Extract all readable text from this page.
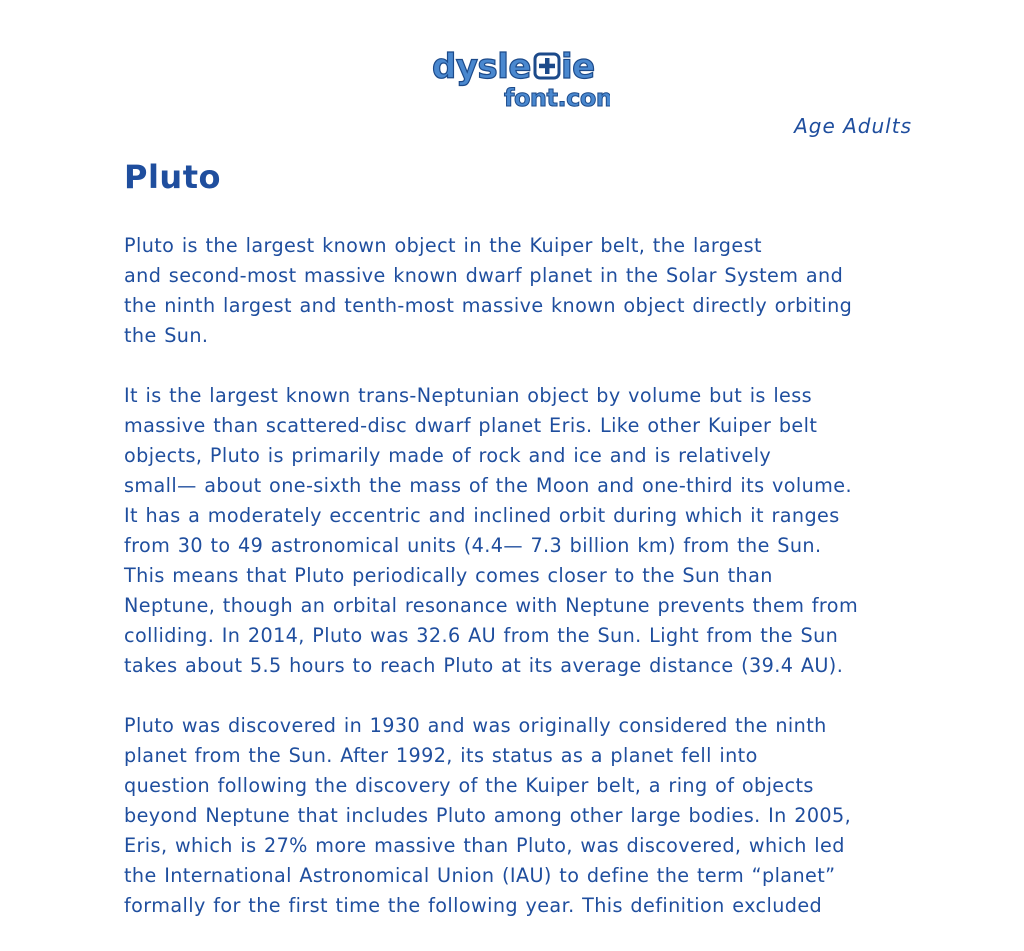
dysle ie
font.com
Age Adults
Pluto

Pluto is the largest known object in the Kuiper belt, the largest
and second-most massive known dwarf planet in the Solar System and
the ninth largest and tenth-most massive known object directly orbiting
the Sun.

It is the largest known trans-Neptunian object by volume but is less
massive than scattered-disc dwarf planet Eris. Like other Kuiper belt
objects, Pluto is primarily made of rock and ice and is relatively
small— about one-sixth the mass of the Moon and one-third its volume.
It has a moderately eccentric and inclined orbit during which it ranges
from 30 to 49 astronomical units (4.4— 7.3 billion km) from the Sun.
This means that Pluto periodically comes closer to the Sun than
Neptune, though an orbital resonance with Neptune prevents them from
colliding. In 2014, Pluto was 32.6 AU from the Sun. Light from the Sun
takes about 5.5 hours to reach Pluto at its average distance (39.4 AU).

Pluto was discovered in 1930 and was originally considered the ninth
planet from the Sun. After 1992, its status as a planet fell into
question following the discovery of the Kuiper belt, a ring of objects
beyond Neptune that includes Pluto among other large bodies. In 2005,
Eris, which is 27% more massive than Pluto, was discovered, which led
the International Astronomical Union (IAU) to define the term “planet”
formally for the first time the following year. This definition excluded
